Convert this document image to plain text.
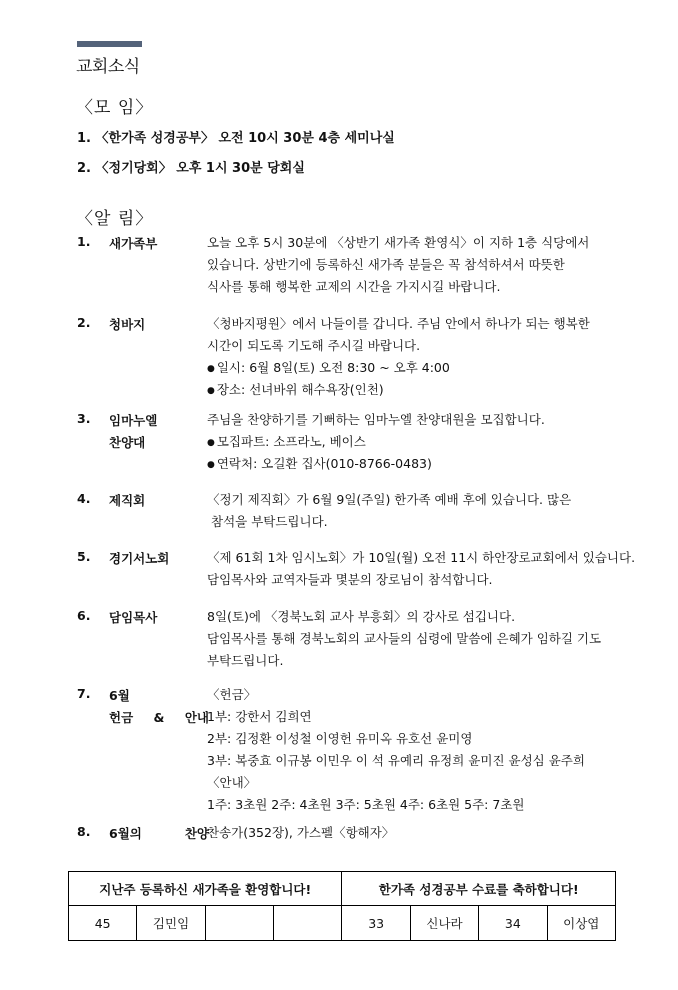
교회소식
〈모 임〉
1. 〈한가족 성경공부〉 오전 10시 30분 4층 세미나실
2. 〈정기당회〉 오후 1시 30분 당회실
〈알 림〉
1. 새가족부	오늘 오후 5시 30분에 〈상반기 새가족 환영식〉이 지하 1층 식당에서
있습니다. 상반기에 등록하신 새가족 분들은 꼭 참석하셔서 따뜻한
식사를 통해 행복한 교제의 시간을 가지시길 바랍니다.
2. 청바지	〈청바지평원〉에서 나들이를 갑니다. 주님 안에서 하나가 되는 행복한
시간이 되도록 기도해 주시길 바랍니다.
● 일시: 6월 8일(토) 오전 8:30 ~ 오후 4:00
● 장소: 선녀바위 해수욕장(인천)
3. 임마누엘
찬양대
주님을 찬양하기를 기뻐하는 임마누엘 찬양대원을 모집합니다.
● 모집파트: 소프라노, 베이스
● 연락처: 오길환 집사(010-8766-0483)
4. 제직회	〈정기 제직회〉가 6월 9일(주일) 한가족 예배 후에 있습니다. 많은
참석을 부탁드립니다.
5. 경기서노회	〈제 61회 1차 임시노회〉가 10일(월) 오전 11시 하안장로교회에서 있습니다.
담임목사와 교역자들과 몇분의 장로님이 참석합니다.
6. 담임목사	8일(토)에 〈경북노회 교사 부흥회〉의 강사로 섬깁니다.
담임목사를 통해 경북노회의 교사들의 심령에 말씀에 은혜가 임하길 기도
부탁드립니다.
7. 6월
헌금 & 안내
〈헌금〉
1부: 강한서 김희연
2부: 김정환 이성철 이영헌 유미옥 유호선 윤미영
3부: 복중효 이규봉 이민우 이 석 유예리 유정희 윤미진 윤성심 윤주희
〈안내〉
1주: 3초원 2주: 4초원 3주: 5초원 4주: 6초원 5주: 7초원
8. 6월의 찬양
찬송가(352장), 가스펠〈항해자〉
지난주 등록하신 새가족을 환영합니다!				한가족 성경공부 수료를 축하합니다!			
45	김민임			33	신나라	34	이상엽
